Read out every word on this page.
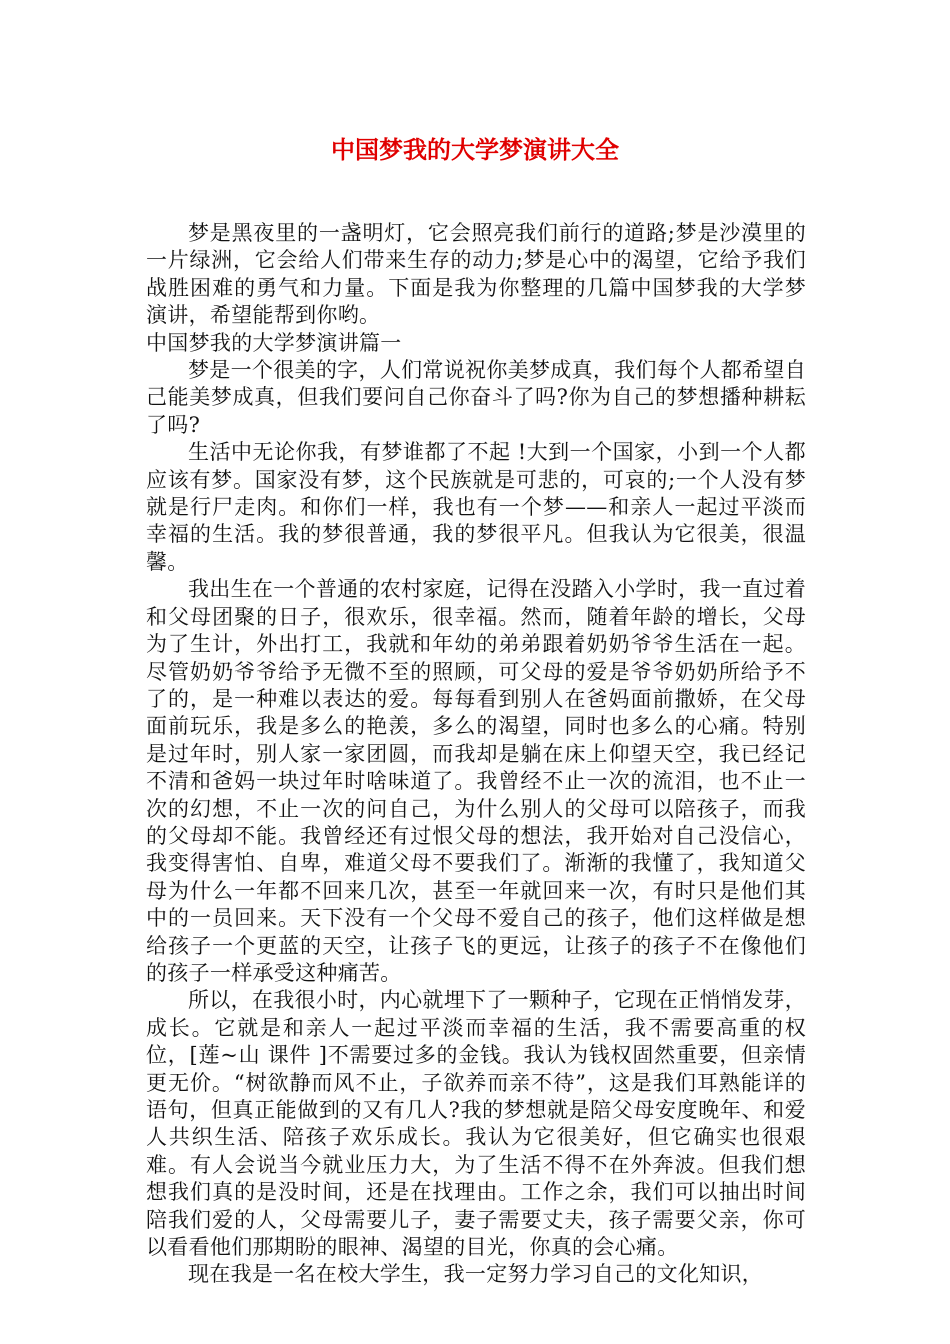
中国梦我的大学梦演讲大全

梦是黑夜里的一盏明灯，它会照亮我们前行的道路;梦是沙漠里的一片绿洲，它会给人们带来生存的动力;梦是心中的渴望，它给予我们战胜困难的勇气和力量。下面是我为你整理的几篇中国梦我的大学梦演讲，希望能帮到你哟。

中国梦我的大学梦演讲篇一

梦是一个很美的字，人们常说祝你美梦成真，我们每个人都希望自己能美梦成真，但我们要问自己你奋斗了吗?你为自己的梦想播种耕耘了吗?

生活中无论你我，有梦谁都了不起 !大到一个国家，小到一个人都应该有梦。国家没有梦，这个民族就是可悲的，可哀的;一个人没有梦就是行尸走肉。和你们一样，我也有一个梦——和亲人一起过平淡而幸福的生活。我的梦很普通，我的梦很平凡。但我认为它很美，很温馨。

我出生在一个普通的农村家庭，记得在没踏入小学时，我一直过着和父母团聚的日子，很欢乐，很幸福。然而，随着年龄的增长，父母为了生计，外出打工，我就和年幼的弟弟跟着奶奶爷爷生活在一起。尽管奶奶爷爷给予无微不至的照顾，可父母的爱是爷爷奶奶所给予不了的，是一种难以表达的爱。每每看到别人在爸妈面前撒娇，在父母面前玩乐，我是多么的艳羡，多么的渴望，同时也多么的心痛。特别是过年时，别人家一家团圆，而我却是躺在床上仰望天空，我已经记不清和爸妈一块过年时啥味道了。我曾经不止一次的流泪，也不止一次的幻想，不止一次的问自己，为什么别人的父母可以陪孩子，而我的父母却不能。我曾经还有过恨父母的想法，我开始对自己没信心，我变得害怕、自卑，难道父母不要我们了。渐渐的我懂了，我知道父母为什么一年都不回来几次，甚至一年就回来一次，有时只是他们其中的一员回来。天下没有一个父母不爱自己的孩子，他们这样做是想给孩子一个更蓝的天空，让孩子飞的更远，让孩子的孩子不在像他们的孩子一样承受这种痛苦。

所以，在我很小时，内心就埋下了一颗种子，它现在正悄悄发芽，成长。它就是和亲人一起过平淡而幸福的生活，我不需要高重的权位，[莲~山 课件 ]不需要过多的金钱。我认为钱权固然重要，但亲情更无价。“树欲静而风不止，子欲养而亲不待”，这是我们耳熟能详的语句，但真正能做到的又有几人?我的梦想就是陪父母安度晚年、和爱人共织生活、陪孩子欢乐成长。我认为它很美好，但它确实也很艰难。有人会说当今就业压力大，为了生活不得不在外奔波。但我们想想我们真的是没时间，还是在找理由。工作之余，我们可以抽出时间陪我们爱的人，父母需要儿子，妻子需要丈夫，孩子需要父亲，你可以看看他们那期盼的眼神、渴望的目光，你真的会心痛。

现在我是一名在校大学生，我一定努力学习自己的文化知识，
